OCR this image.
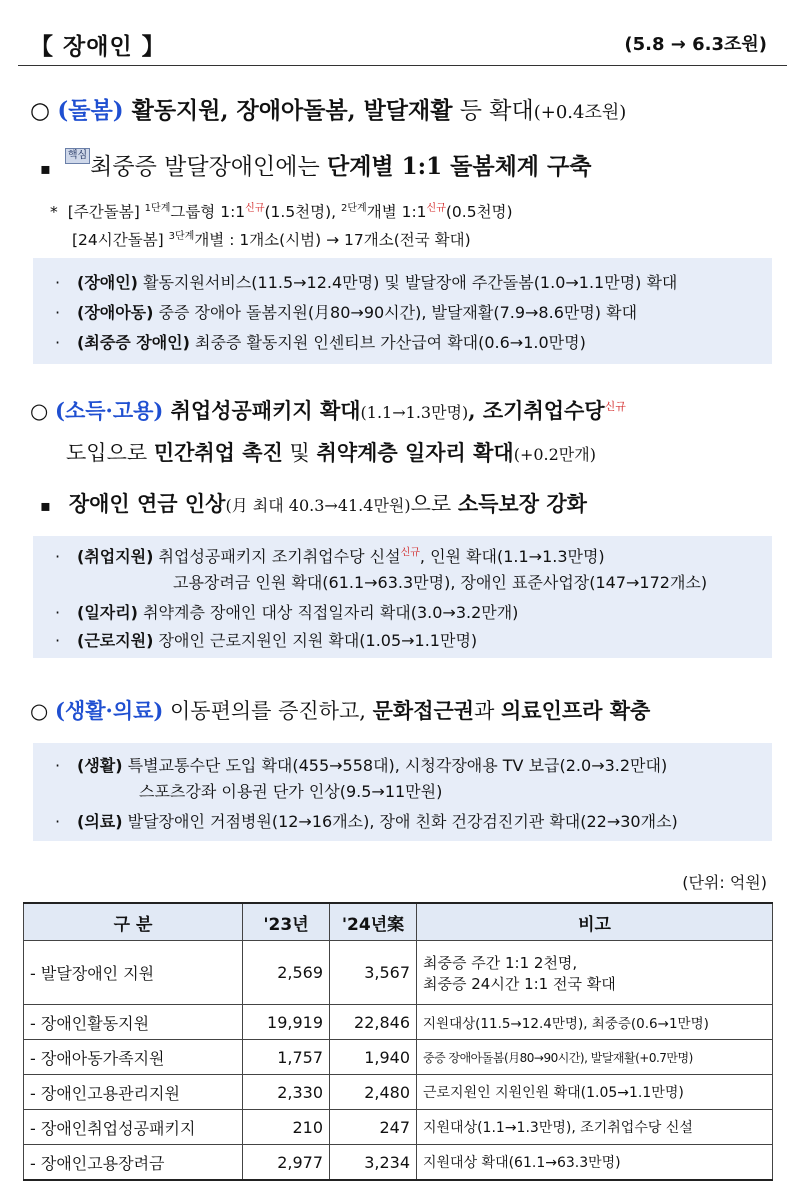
【 장애인 】	(5.8 → 6.3조원)
○ (돌봄) 활동지원, 장애아돌봄, 발달재활 등 확대(+0.4조원)
▪핵심 최중증 발달장애인에는 단계별 1:1 돌봄체계 구축
* [주간돌봄] $^{1단계}$그룹형 $1:1^{신규}(1.5$천명), $^{2단계}$개별 $1:1^{신규}(0.5$천명)
[24시간돌봄] $^{3단계}$개별 : 1개소(시범) → 17개소(전국 확대)
· (장애인) 활동지원서비스(11.5→12.4만명) 및 발달장애 주간돌봄(1.0→1.1만명) 확대
· (장애아동) 중증 장애아 돌봄지원(月80→90시간), 발달재활(7.9→8.6만명) 확대
· (최중증 장애인) 최중증 활동지원 인센티브 가산급여 확대(0.6→1.0만명)
○ (소득·고용) 취업성공패키지 확대(1.1→1.3만명), 조기취업수당$^{신규}$
도입으로 민간취업 촉진 및 취약계층 일자리 확대(+0.2만개)
▪ 장애인 연금 인상(月 최대 40.3→41.4만원)으로 소득보장 강화
· (취업지원) 취업성공패키지 조기취업수당 신설$^{신규}$, 인원 확대(1.1→1.3만명)
고용장려금 인원 확대(61.1→63.3만명), 장애인 표준사업장(147→172개소)
· (일자리) 취약계층 장애인 대상 직접일자리 확대(3.0→3.2만개)
· (근로지원) 장애인 근로지원인 지원 확대(1.05→1.1만명)
○ (생활·의료) 이동편의를 증진하고, 문화접근권과 의료인프라 확충
· (생활) 특별교통수단 도입 확대(455→558대), 시청각장애용 TV 보급(2.0→3.2만대)
스포츠강좌 이용권 단가 인상(9.5→11만원)
· (의료) 발달장애인 거점병원(12→16개소), 장애 친화 건강검진기관 확대(22→30개소)
(단위: 억원)
구 분	'23년	'24년案	비고
- 발달장애인 지원	2,569	3,567	최중증 주간 1:1 2천명,
최중증 24시간 1:1 전국 확대

- 장애인활동지원	19,919	22,846	지원대상(11.5→12.4만명), 최중증(0.6→1만명)
- 장애아동가족지원	1,757	1,940	중증 장애아돌봄(月80→90시간), 발달재활(+0.7만명)
- 장애인고용관리지원	2,330	2,480	근로지원인 지원인원 확대(1.05→1.1만명)
- 장애인취업성공패키지	210	247	지원대상(1.1→1.3만명), 조기취업수당 신설
- 장애인고용장려금	2,977	3,234	지원대상 확대(61.1→63.3만명)
